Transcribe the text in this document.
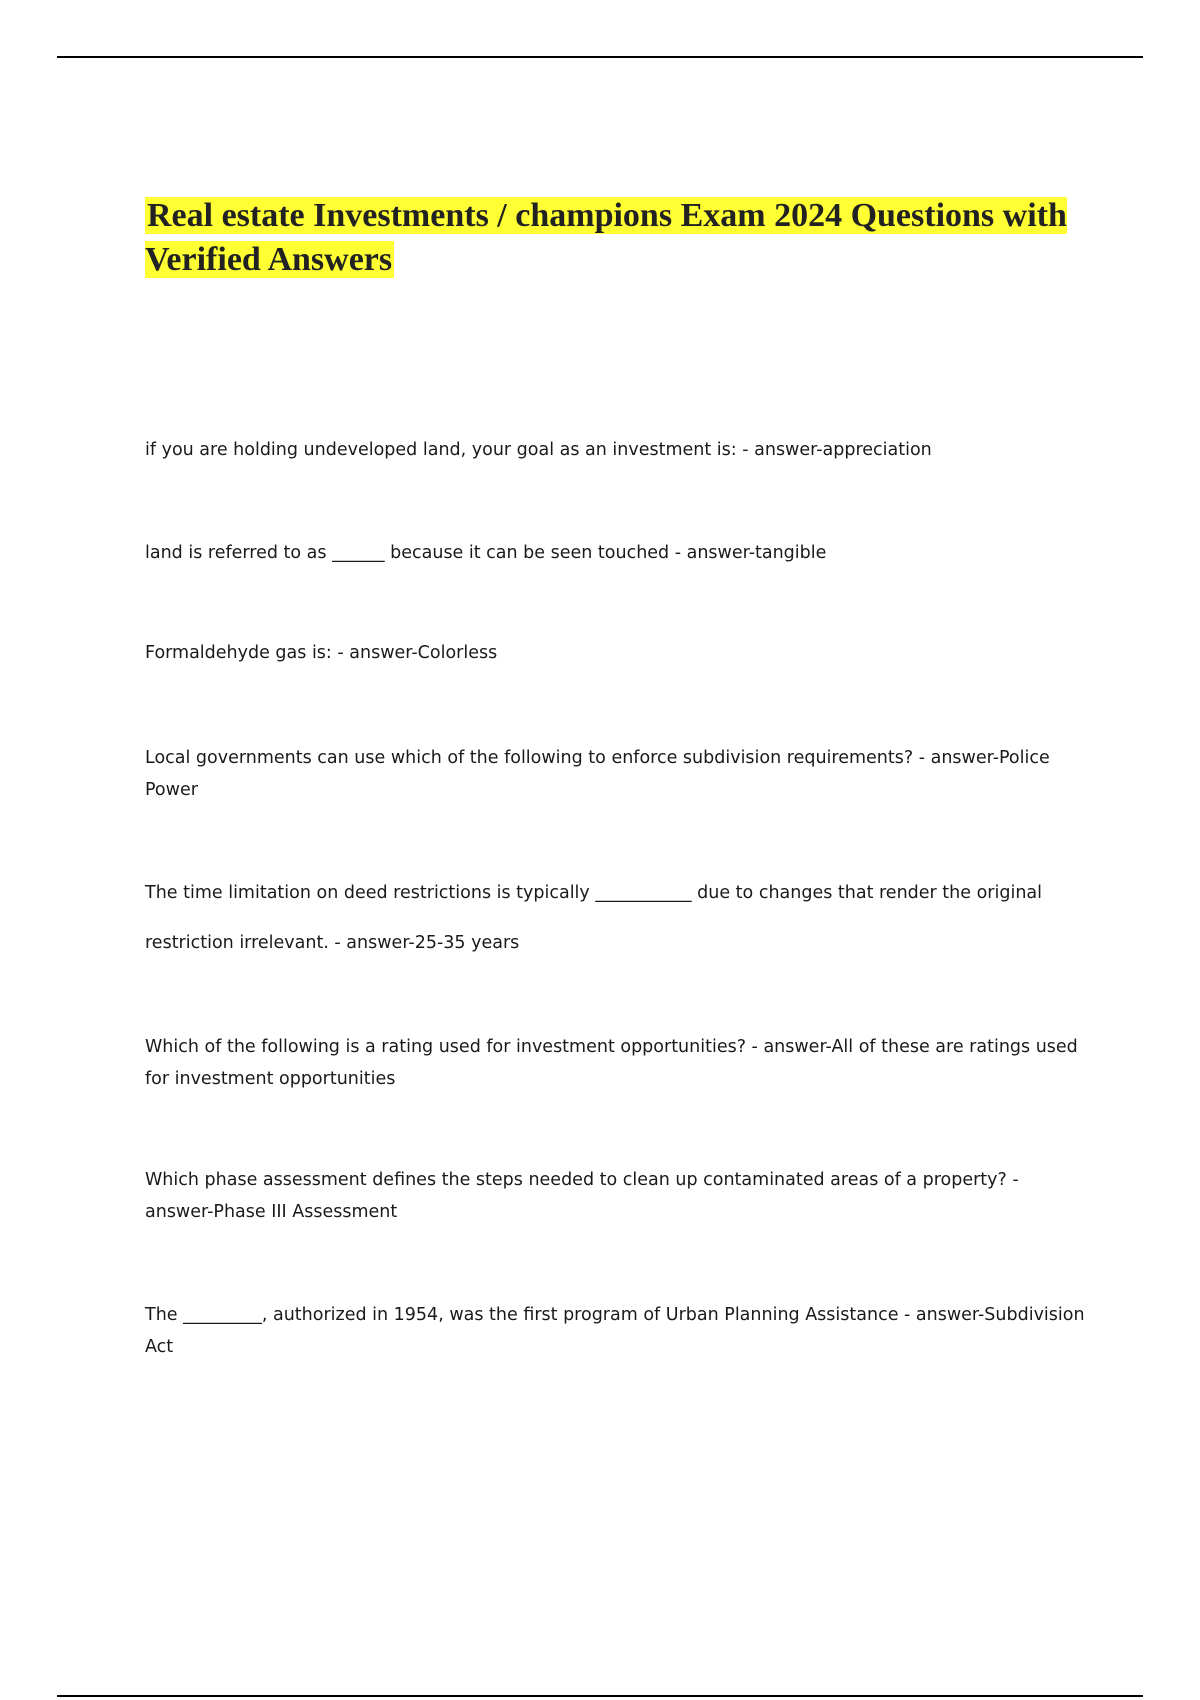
Real estate Investments / champions Exam 2024 Questions with Verified Answers

if you are holding undeveloped land, your goal as an investment is: - answer-appreciation

land is referred to as ______ because it can be seen touched - answer-tangible

Formaldehyde gas is: - answer-Colorless

Local governments can use which of the following to enforce subdivision requirements? - answer-Police Power

The time limitation on deed restrictions is typically ___________ due to changes that render the original restriction irrelevant. - answer-25-35 years

Which of the following is a rating used for investment opportunities? - answer-All of these are ratings used for investment opportunities

Which phase assessment defines the steps needed to clean up contaminated areas of a property? - answer-Phase III Assessment

The _________, authorized in 1954, was the first program of Urban Planning Assistance - answer-Subdivision Act
